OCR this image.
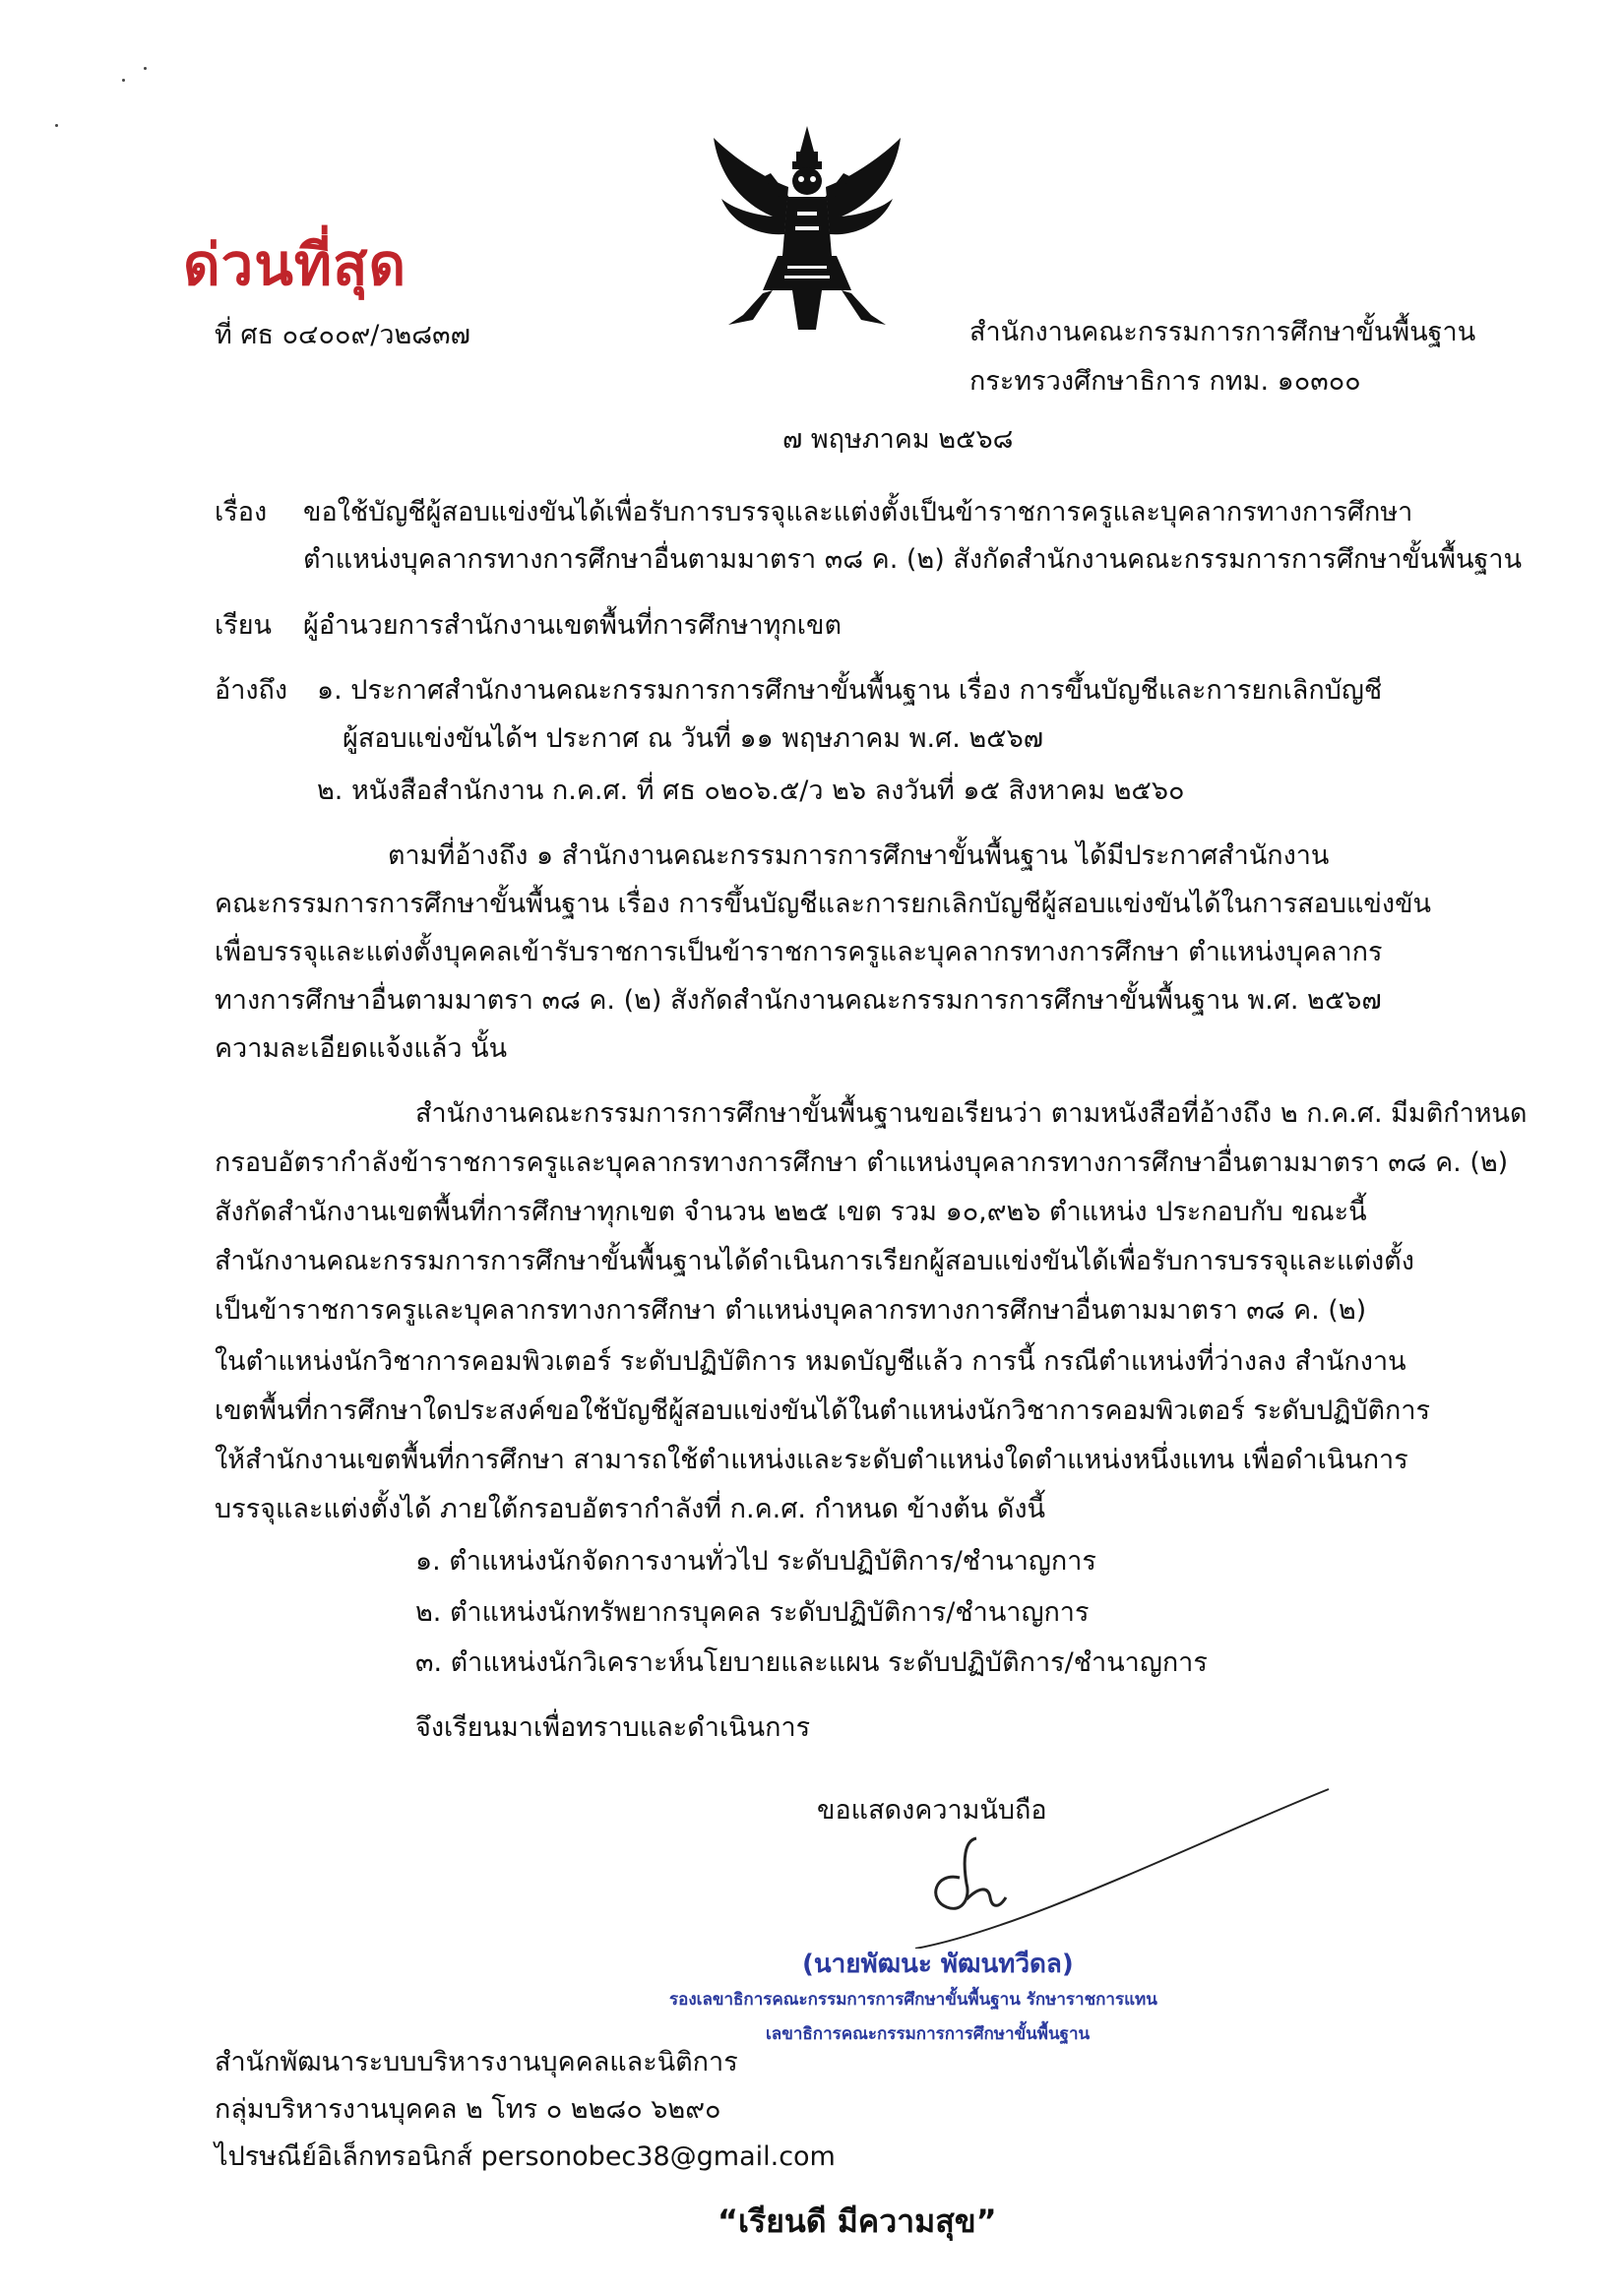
ด่วนที่สุด
ที่ ศธ ๐๔๐๐๙/ว๒๘๓๗	สำนักงานคณะกรรมการการศึกษาขั้นพื้นฐาน
กระทรวงศึกษาธิการ กทม. ๑๐๓๐๐
๗ พฤษภาคม ๒๕๖๘
เรื่อง ขอใช้บัญชีผู้สอบแข่งขันได้เพื่อรับการบรรจุและแต่งตั้งเป็นข้าราชการครูและบุคลากรทางการศึกษา
ตำแหน่งบุคลากรทางการศึกษาอื่นตามมาตรา ๓๘ ค. (๒) สังกัดสำนักงานคณะกรรมการการศึกษาขั้นพื้นฐาน
เรียน ผู้อำนวยการสำนักงานเขตพื้นที่การศึกษาทุกเขต
อ้างถึง ๑. ประกาศสำนักงานคณะกรรมการการศึกษาขั้นพื้นฐาน เรื่อง การขึ้นบัญชีและการยกเลิกบัญชี
ผู้สอบแข่งขันได้ฯ ประกาศ ณ วันที่ ๑๑ พฤษภาคม พ.ศ. ๒๕๖๗
๒. หนังสือสำนักงาน ก.ค.ศ. ที่ ศธ ๐๒๐๖.๕/ว ๒๖ ลงวันที่ ๑๕ สิงหาคม ๒๕๖๐
ตามที่อ้างถึง ๑ สำนักงานคณะกรรมการการศึกษาขั้นพื้นฐาน ได้มีประกาศสำนักงาน
คณะกรรมการการศึกษาขั้นพื้นฐาน เรื่อง การขึ้นบัญชีและการยกเลิกบัญชีผู้สอบแข่งขันได้ในการสอบแข่งขัน
เพื่อบรรจุและแต่งตั้งบุคคลเข้ารับราชการเป็นข้าราชการครูและบุคลากรทางการศึกษา ตำแหน่งบุคลากร
ทางการศึกษาอื่นตามมาตรา ๓๘ ค. (๒) สังกัดสำนักงานคณะกรรมการการศึกษาขั้นพื้นฐาน พ.ศ. ๒๕๖๗
ความละเอียดแจ้งแล้ว นั้น
สำนักงานคณะกรรมการการศึกษาขั้นพื้นฐานขอเรียนว่า ตามหนังสือที่อ้างถึง ๒ ก.ค.ศ. มีมติกำหนด
กรอบอัตรากำลังข้าราชการครูและบุคลากรทางการศึกษา ตำแหน่งบุคลากรทางการศึกษาอื่นตามมาตรา ๓๘ ค. (๒)
สังกัดสำนักงานเขตพื้นที่การศึกษาทุกเขต จำนวน ๒๒๕ เขต รวม ๑๐,๙๒๖ ตำแหน่ง ประกอบกับ ขณะนี้
สำนักงานคณะกรรมการการศึกษาขั้นพื้นฐานได้ดำเนินการเรียกผู้สอบแข่งขันได้เพื่อรับการบรรจุและแต่งตั้ง
เป็นข้าราชการครูและบุคลากรทางการศึกษา ตำแหน่งบุคลากรทางการศึกษาอื่นตามมาตรา ๓๘ ค. (๒)
ในตำแหน่งนักวิชาการคอมพิวเตอร์ ระดับปฏิบัติการ หมดบัญชีแล้ว การนี้ กรณีตำแหน่งที่ว่างลง สำนักงาน
เขตพื้นที่การศึกษาใดประสงค์ขอใช้บัญชีผู้สอบแข่งขันได้ในตำแหน่งนักวิชาการคอมพิวเตอร์ ระดับปฏิบัติการ
ให้สำนักงานเขตพื้นที่การศึกษา สามารถใช้ตำแหน่งและระดับตำแหน่งใดตำแหน่งหนึ่งแทน เพื่อดำเนินการ
บรรจุและแต่งตั้งได้ ภายใต้กรอบอัตรากำลังที่ ก.ค.ศ. กำหนด ข้างต้น ดังนี้
๑. ตำแหน่งนักจัดการงานทั่วไป ระดับปฏิบัติการ/ชำนาญการ
๒. ตำแหน่งนักทรัพยากรบุคคล ระดับปฏิบัติการ/ชำนาญการ
๓. ตำแหน่งนักวิเคราะห์นโยบายและแผน ระดับปฏิบัติการ/ชำนาญการ
จึงเรียนมาเพื่อทราบและดำเนินการ
ขอแสดงความนับถือ
(นายพัฒนะ พัฒนทวีดล)
รองเลขาธิการคณะกรรมการการศึกษาขั้นพื้นฐาน รักษาราชการแทน
เลขาธิการคณะกรรมการการศึกษาขั้นพื้นฐาน
สำนักพัฒนาระบบบริหารงานบุคคลและนิติการ
กลุ่มบริหารงานบุคคล ๒ โทร ๐ ๒๒๘๐ ๖๒๙๐
ไปรษณีย์อิเล็กทรอนิกส์ personobec38@gmail.com
“เรียนดี มีความสุข”
